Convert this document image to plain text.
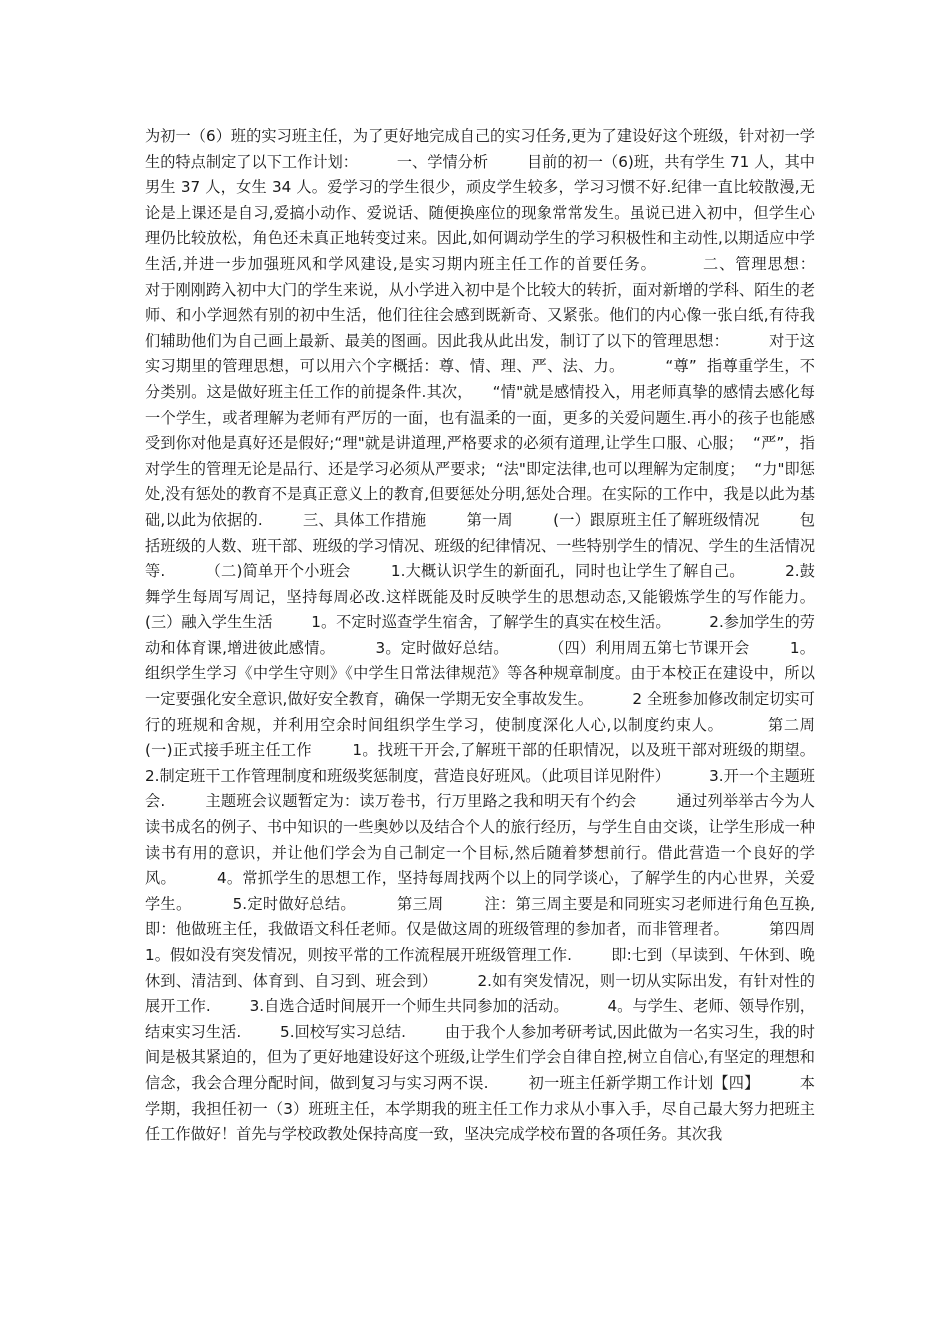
为初一（6）班的实习班主任，为了更好地完成自己的实习任务,更为了建设好这个班级，针对初一学生的特点制定了以下工作计划：        一、学情分析        目前的初一（6)班，共有学生 71 人，其中男生 37 人，女生 34 人。爱学习的学生很少，顽皮学生较多，学习习惯不好.纪律一直比较散漫,无论是上课还是自习,爱搞小动作、爱说话、随便换座位的现象常常发生。虽说已进入初中，但学生心理仍比较放松，角色还未真正地转变过来。因此,如何调动学生的学习积极性和主动性,以期适应中学生活,并进一步加强班风和学风建设,是实习期内班主任工作的首要任务。        二、管理思想：        对于刚刚跨入初中大门的学生来说，从小学进入初中是个比较大的转折，面对新增的学科、陌生的老师、和小学迥然有别的初中生活，他们往往会感到既新奇、又紧张。他们的内心像一张白纸,有待我们辅助他们为自己画上最新、最美的图画。因此我从此出发，制订了以下的管理思想：        对于这实习期里的管理思想，可以用六个字概括：尊、情、理、严、法、力。        “尊”  指尊重学生，不分类别。这是做好班主任工作的前提条件.其次，    “情"就是感情投入，用老师真挚的感情去感化每一个学生，或者理解为老师有严厉的一面，也有温柔的一面，更多的关爱问题生.再小的孩子也能感受到你对他是真好还是假好;“理"就是讲道理,严格要求的必须有道理,让学生口服、心服；  “严”，指对学生的管理无论是品行、还是学习必须从严要求;  “法"即定法律,也可以理解为定制度；  “力"即惩处,没有惩处的教育不是真正意义上的教育,但要惩处分明,惩处合理。在实际的工作中，我是以此为基础,以此为依据的.        三、具体工作措施        第一周        (一）跟原班主任了解班级情况        包括班级的人数、班干部、班级的学习情况、班级的纪律情况、一些特别学生的情况、学生的生活情况等.        （二)简单开个小班会        1.大概认识学生的新面孔，同时也让学生了解自己。        2.鼓舞学生每周写周记，坚持每周必改.这样既能及时反映学生的思想动态,又能锻炼学生的写作能力。    (三）融入学生生活        1。不定时巡查学生宿舍，了解学生的真实在校生活。        2.参加学生的劳动和体育课,增进彼此感情。        3。定时做好总结。        （四）利用周五第七节课开会        1。组织学生学习《中学生守则》《中学生日常法律规范》等各种规章制度。由于本校正在建设中，所以一定要强化安全意识,做好安全教育，确保一学期无安全事故发生。        2 全班参加修改制定切实可行的班规和舍规，并利用空余时间组织学生学习，使制度深化人心,以制度约束人。        第二周        (一)正式接手班主任工作        1。找班干开会,了解班干部的任职情况，以及班干部对班级的期望。        2.制定班干工作管理制度和班级奖惩制度，营造良好班风。（此项目详见附件）        3.开一个主题班会.        主题班会议题暂定为：读万卷书，行万里路之我和明天有个约会        通过列举举古今为人读书成名的例子、书中知识的一些奥妙以及结合个人的旅行经历，与学生自由交谈，让学生形成一种读书有用的意识，并让他们学会为自己制定一个目标,然后随着梦想前行。借此营造一个良好的学风。        4。常抓学生的思想工作，坚持每周找两个以上的同学谈心，了解学生的内心世界，关爱学生。        5.定时做好总结。        第三周        注：第三周主要是和同班实习老师进行角色互换,即：他做班主任，我做语文科任老师。仅是做这周的班级管理的参加者，而非管理者。        第四周        1。假如没有突发情况，则按平常的工作流程展开班级管理工作.        即:七到（早读到、午休到、晚休到、清洁到、体育到、自习到、班会到）        2.如有突发情况，则一切从实际出发，有针对性的展开工作.        3.自选合适时间展开一个师生共同参加的活动。        4。与学生、老师、领导作别，结束实习生活.        5.回校写实习总结.        由于我个人参加考研考试,因此做为一名实习生，我的时间是极其紧迫的，但为了更好地建设好这个班级,让学生们学会自律自控,树立自信心,有坚定的理想和信念，我会合理分配时间，做到复习与实习两不误.        初一班主任新学期工作计划【四】        本学期，我担任初一（3）班班主任，本学期我的班主任工作力求从小事入手，尽自己最大努力把班主任工作做好！首先与学校政教处保持高度一致，坚决完成学校布置的各项任务。其次我
